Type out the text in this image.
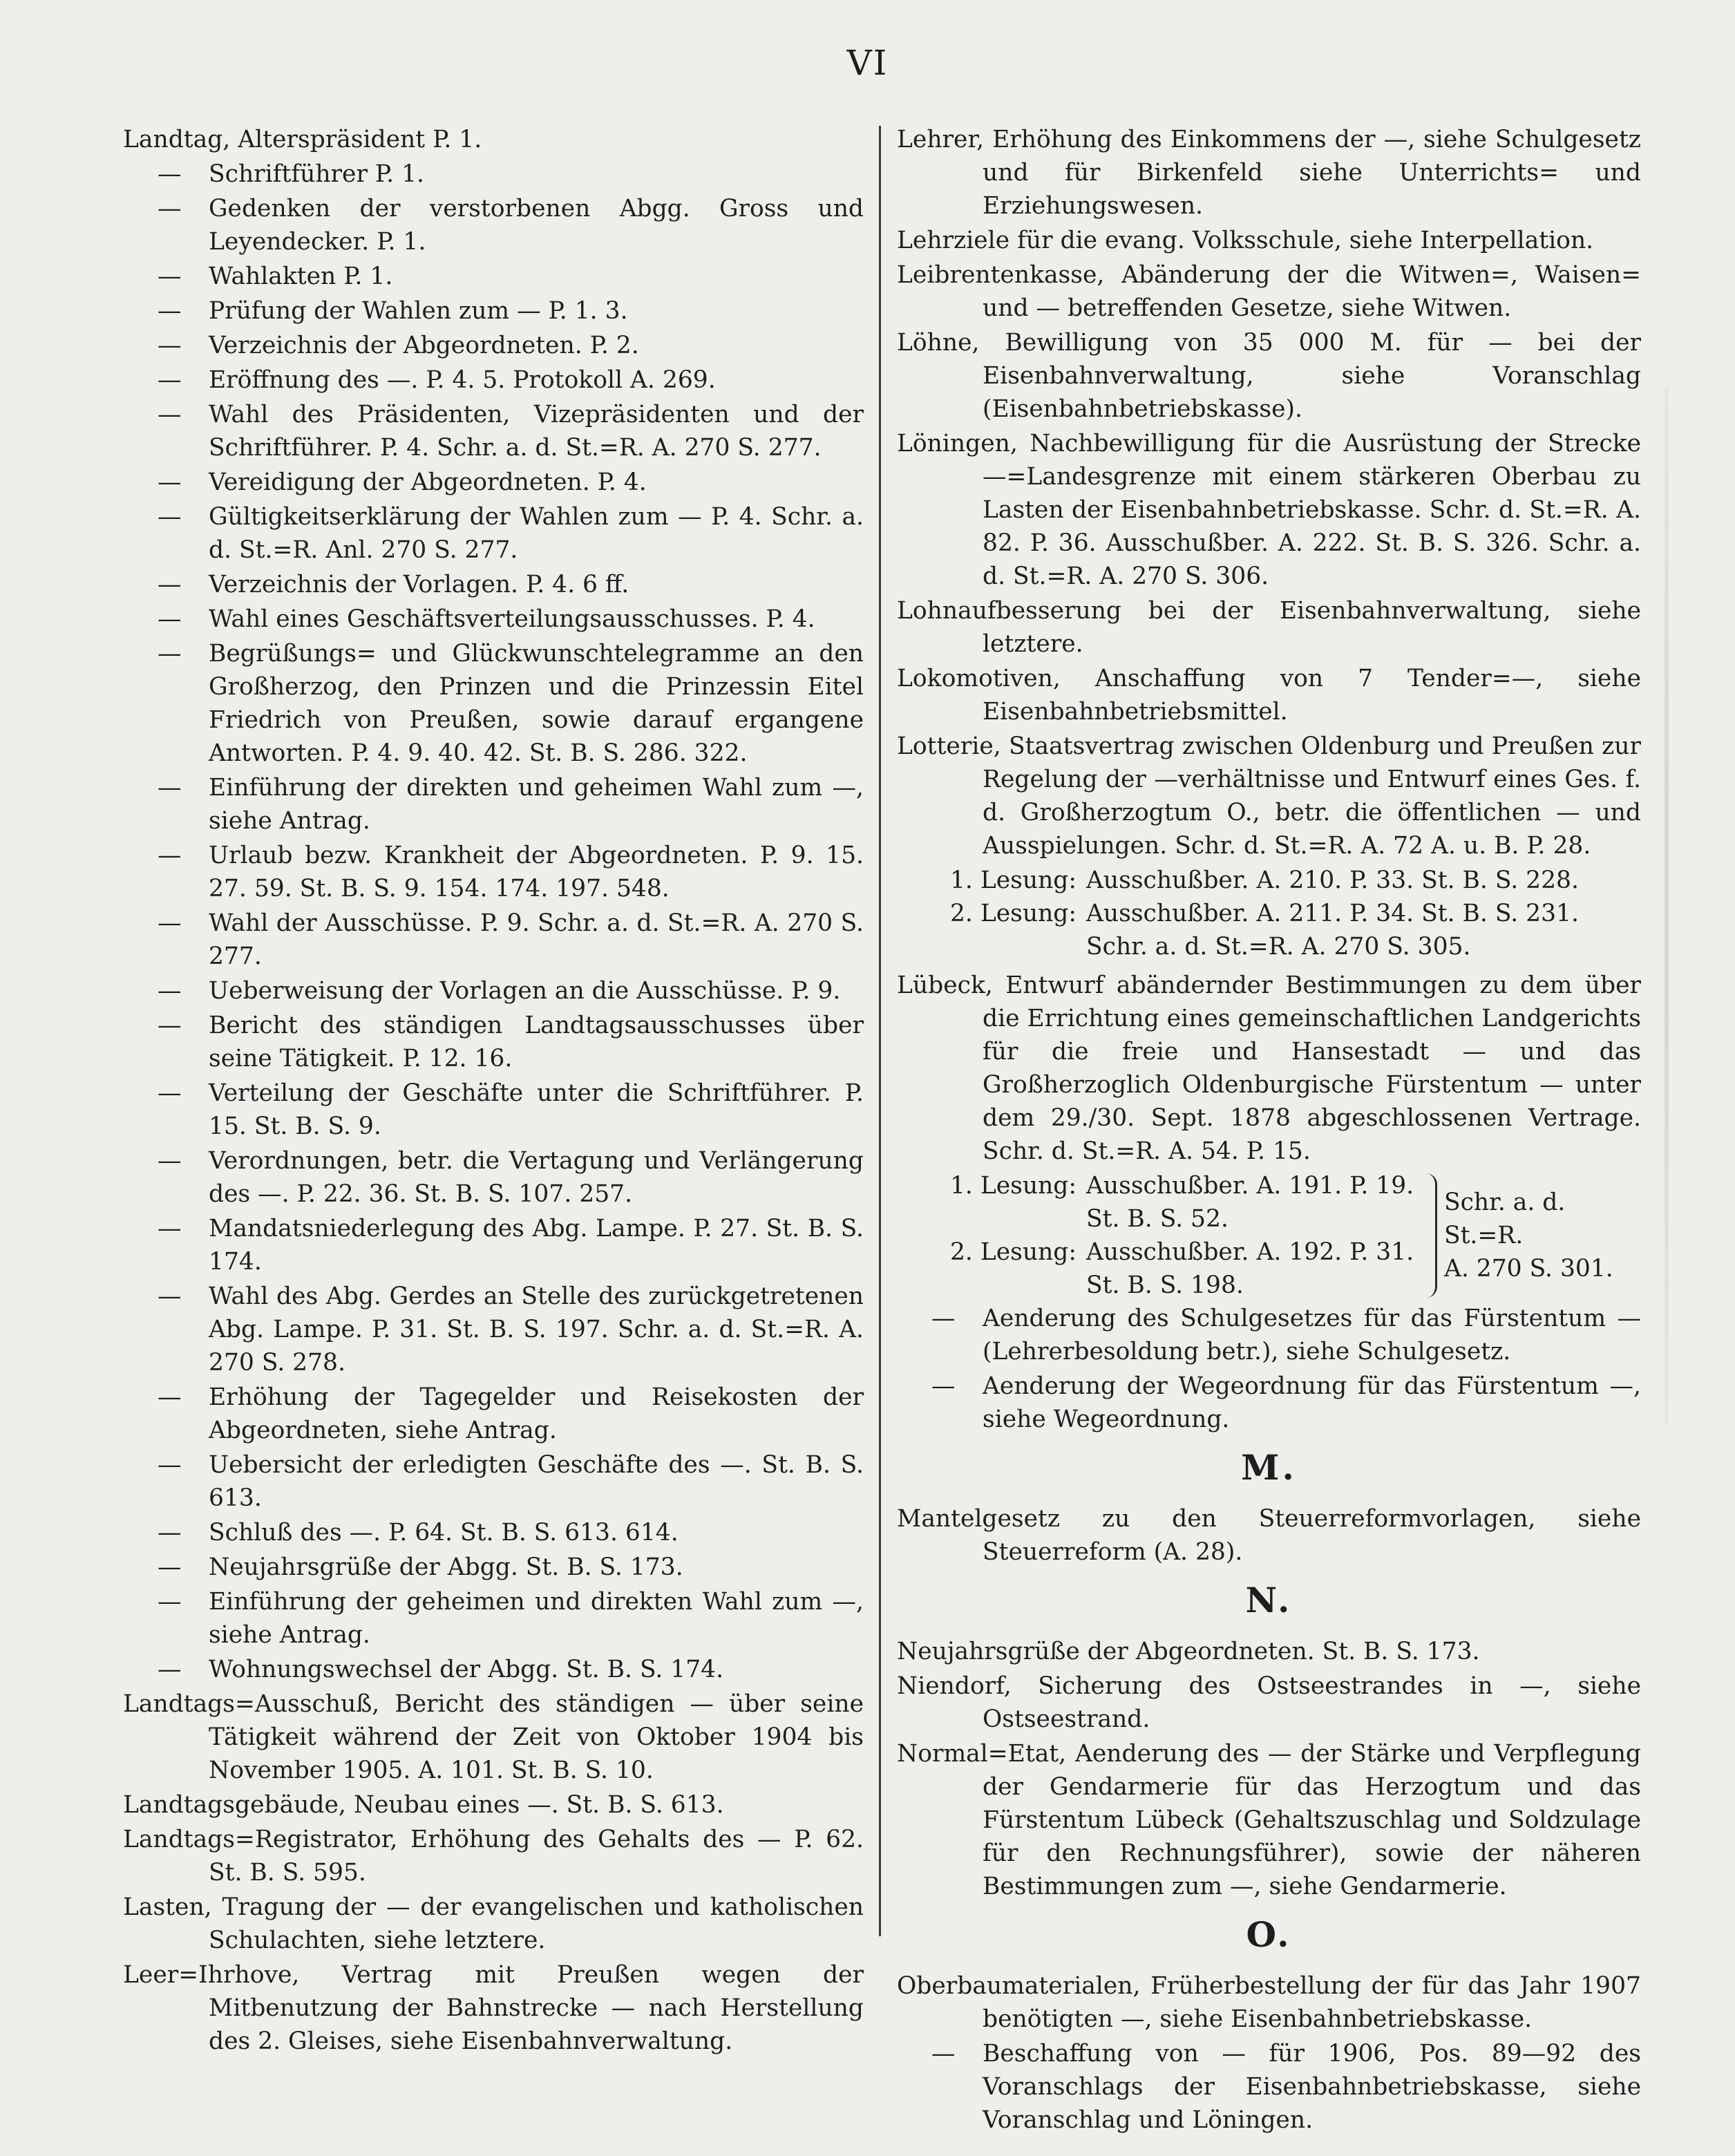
VI

Landtag, Alterspräsident P. 1.

— Schriftführer P. 1.

— Gedenken der verstorbenen Abgg. Gross und Leyendecker. P. 1.

— Wahlakten P. 1.

— Prüfung der Wahlen zum — P. 1. 3.

— Verzeichnis der Abgeordneten. P. 2.

— Eröffnung des —. P. 4. 5. Protokoll A. 269.

— Wahl des Präsidenten, Vizepräsidenten und der Schriftführer. P. 4. Schr. a. d. St.=R. A. 270 S. 277.

— Vereidigung der Abgeordneten. P. 4.

— Gültigkeitserklärung der Wahlen zum — P. 4. Schr. a. d. St.=R. Anl. 270 S. 277.

— Verzeichnis der Vorlagen. P. 4. 6 ff.

— Wahl eines Geschäftsverteilungsausschusses. P. 4.

— Begrüßungs= und Glückwunschtelegramme an den Großherzog, den Prinzen und die Prinzessin Eitel Friedrich von Preußen, sowie darauf ergangene Antworten. P. 4. 9. 40. 42. St. B. S. 286. 322.

— Einführung der direkten und geheimen Wahl zum —, siehe Antrag.

— Urlaub bezw. Krankheit der Abgeordneten. P. 9. 15. 27. 59. St. B. S. 9. 154. 174. 197. 548.

— Wahl der Ausschüsse. P. 9. Schr. a. d. St.=R. A. 270 S. 277.

— Ueberweisung der Vorlagen an die Ausschüsse. P. 9.

— Bericht des ständigen Landtagsausschusses über seine Tätigkeit. P. 12. 16.

— Verteilung der Geschäfte unter die Schriftführer. P. 15. St. B. S. 9.

— Verordnungen, betr. die Vertagung und Verlängerung des —. P. 22. 36. St. B. S. 107. 257.

— Mandatsniederlegung des Abg. Lampe. P. 27. St. B. S. 174.

— Wahl des Abg. Gerdes an Stelle des zurückgetretenen Abg. Lampe. P. 31. St. B. S. 197. Schr. a. d. St.=R. A. 270 S. 278.

— Erhöhung der Tagegelder und Reisekosten der Abgeordneten, siehe Antrag.

— Uebersicht der erledigten Geschäfte des —. St. B. S. 613.

— Schluß des —. P. 64. St. B. S. 613. 614.

— Neujahrsgrüße der Abgg. St. B. S. 173.

— Einführung der geheimen und direkten Wahl zum —, siehe Antrag.

— Wohnungswechsel der Abgg. St. B. S. 174.

Landtags=Ausschuß, Bericht des ständigen — über seine Tätigkeit während der Zeit von Oktober 1904 bis November 1905. A. 101. St. B. S. 10.

Landtagsgebäude, Neubau eines —. St. B. S. 613.

Landtags=Registrator, Erhöhung des Gehalts des — P. 62. St. B. S. 595.

Lasten, Tragung der — der evangelischen und katholischen Schulachten, siehe letztere.

Leer=Ihrhove, Vertrag mit Preußen wegen der Mitbenutzung der Bahnstrecke — nach Herstellung des 2. Gleises, siehe Eisenbahnverwaltung.

Lehrer, Erhöhung des Einkommens der —, siehe Schulgesetz und für Birkenfeld siehe Unterrichts= und Erziehungswesen.

Lehrziele für die evang. Volksschule, siehe Interpellation.

Leibrentenkasse, Abänderung der die Witwen=, Waisen= und — betreffenden Gesetze, siehe Witwen.

Löhne, Bewilligung von 35 000 M. für — bei der Eisenbahnverwaltung, siehe Voranschlag (Eisenbahnbetriebskasse).

Löningen, Nachbewilligung für die Ausrüstung der Strecke —=Landesgrenze mit einem stärkeren Oberbau zu Lasten der Eisenbahnbetriebskasse. Schr. d. St.=R. A. 82. P. 36. Ausschußber. A. 222. St. B. S. 326. Schr. a. d. St.=R. A. 270 S. 306.

Lohnaufbesserung bei der Eisenbahnverwaltung, siehe letztere.

Lokomotiven, Anschaffung von 7 Tender=—, siehe Eisenbahnbetriebsmittel.

Lotterie, Staatsvertrag zwischen Oldenburg und Preußen zur Regelung der —verhältnisse und Entwurf eines Ges. f. d. Großherzogtum O., betr. die öffentlichen — und Ausspielungen. Schr. d. St.=R. A. 72 A. u. B. P. 28.

1. Lesung: Ausschußber. A. 210. P. 33. St. B. S. 228.
2. Lesung: Ausschußber. A. 211. P. 34. St. B. S. 231. Schr. a. d. St.=R. A. 270 S. 305.

Lübeck, Entwurf abändernder Bestimmungen zu dem über die Errichtung eines gemeinschaftlichen Landgerichts für die freie und Hansestadt — und das Großherzoglich Oldenburgische Fürstentum — unter dem 29./30. Sept. 1878 abgeschlossenen Vertrage. Schr. d. St.=R. A. 54. P. 15.

1. Lesung: Ausschußber. A. 191. P. 19.
St. B. S. 52.
2. Lesung: Ausschußber. A. 192. P. 31.
St. B. S. 198.
Schr. a. d. St.=R.
A. 270 S. 301.

— Aenderung des Schulgesetzes für das Fürstentum — (Lehrerbesoldung betr.), siehe Schulgesetz.

— Aenderung der Wegeordnung für das Fürstentum —, siehe Wegeordnung.

M.

Mantelgesetz zu den Steuerreformvorlagen, siehe Steuerreform (A. 28).

N.

Neujahrsgrüße der Abgeordneten. St. B. S. 173.

Niendorf, Sicherung des Ostseestrandes in —, siehe Ostseestrand.

Normal=Etat, Aenderung des — der Stärke und Verpflegung der Gendarmerie für das Herzogtum und das Fürstentum Lübeck (Gehaltszuschlag und Soldzulage für den Rechnungsführer), sowie der näheren Bestimmungen zum —, siehe Gendarmerie.

O.

Oberbaumaterialen, Früherbestellung der für das Jahr 1907 benötigten —, siehe Eisenbahnbetriebskasse.

— Beschaffung von — für 1906, Pos. 89—92 des Voranschlags der Eisenbahnbetriebskasse, siehe Voranschlag und Löningen.
